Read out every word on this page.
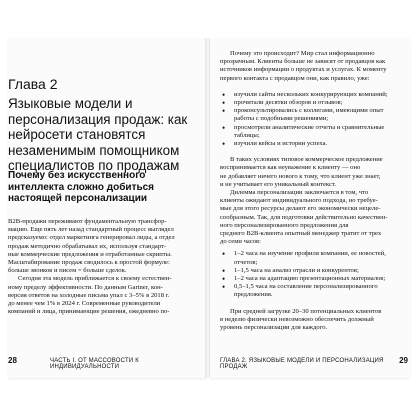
Глава 2
Языковые модели и персонализация продаж: как нейросети становятся незаменимым помощником специалистов по продажам
Почему без искусственного интеллекта сложно добиться настоящей персонализации
B2B-продажи переживают фундаментальную трансфор-
мацию. Еще пять лет назад стандартный процесс выглядел
предсказуемо: отдел маркетинга генерировал лиды, а отдел
продаж методично обрабатывал их, используя стандарт-
ные коммерческие предложения и отработанные скрипты.
Масштабирование продаж сводилось к простой формуле:
больше звонков и писем = больше сделок.
Сегодня эта модель приближается к своему естествен-
ному пределу эффективности. По данным Gartner, кон-
версия ответов на холодные письма упал с 3–5% в 2018 г.
до менее чем 1% в 2024 г. Современные руководители
компаний и лица, принимающие решения, ежедневно по-
28	ЧАСТЬ I. ОТ МАССОВОСТИ К ИНДИВИДУАЛЬНОСТИ
Почему это происходит? Мир стал информационно
прозрачным. Клиенты больше не зависят от продавцов как
источников информации о продуктах и услугах. К моменту
первого контакта с продавцом они, как правило, уже:
• изучили сайты нескольких конкурирующих компаний;
• прочитали десятки обзоров и отзывов;
• проконсультировались с коллегами, имеющими опыт работы с подобными решениями;
• просмотрели аналитические отчеты и сравнительные таблицы;
• изучили кейсы и истории успеха.
В таких условиях типовое коммерческое предложение
воспринимается как неуважение к клиенту — оно
не добавляет ничего нового к тому, что клиент уже знает,
и не учитывает его уникальный контекст.
Дилемма персонализации заключается в том, что
клиенты ожидают индивидуального подхода, но требуе-
мые для этого ресурсы делают его экономически нецеле-
сообразным. Так, для подготовки действительно качествен-
ного персонализированного предложения для
среднего B2B-клиента опытный менеджер тратит от трех
до семи часов:
• 1–2 часа на изучение профиля компании, ее новостей, отчетов;
• 1–1,5 часа на анализ отрасли и конкурентов;
• 1–2 часа на адаптацию презентационных материалов;
• 0,5–1,5 часа на составление персонализированного предложения.
При средней загрузке 20–30 потенциальных клиентов
в неделю физически невозможно обеспечить должный
уровень персонализации для каждого.
ГЛАВА 2. ЯЗЫКОВЫЕ МОДЕЛИ И ПЕРСОНАЛИЗАЦИЯ ПРОДАЖ
29
